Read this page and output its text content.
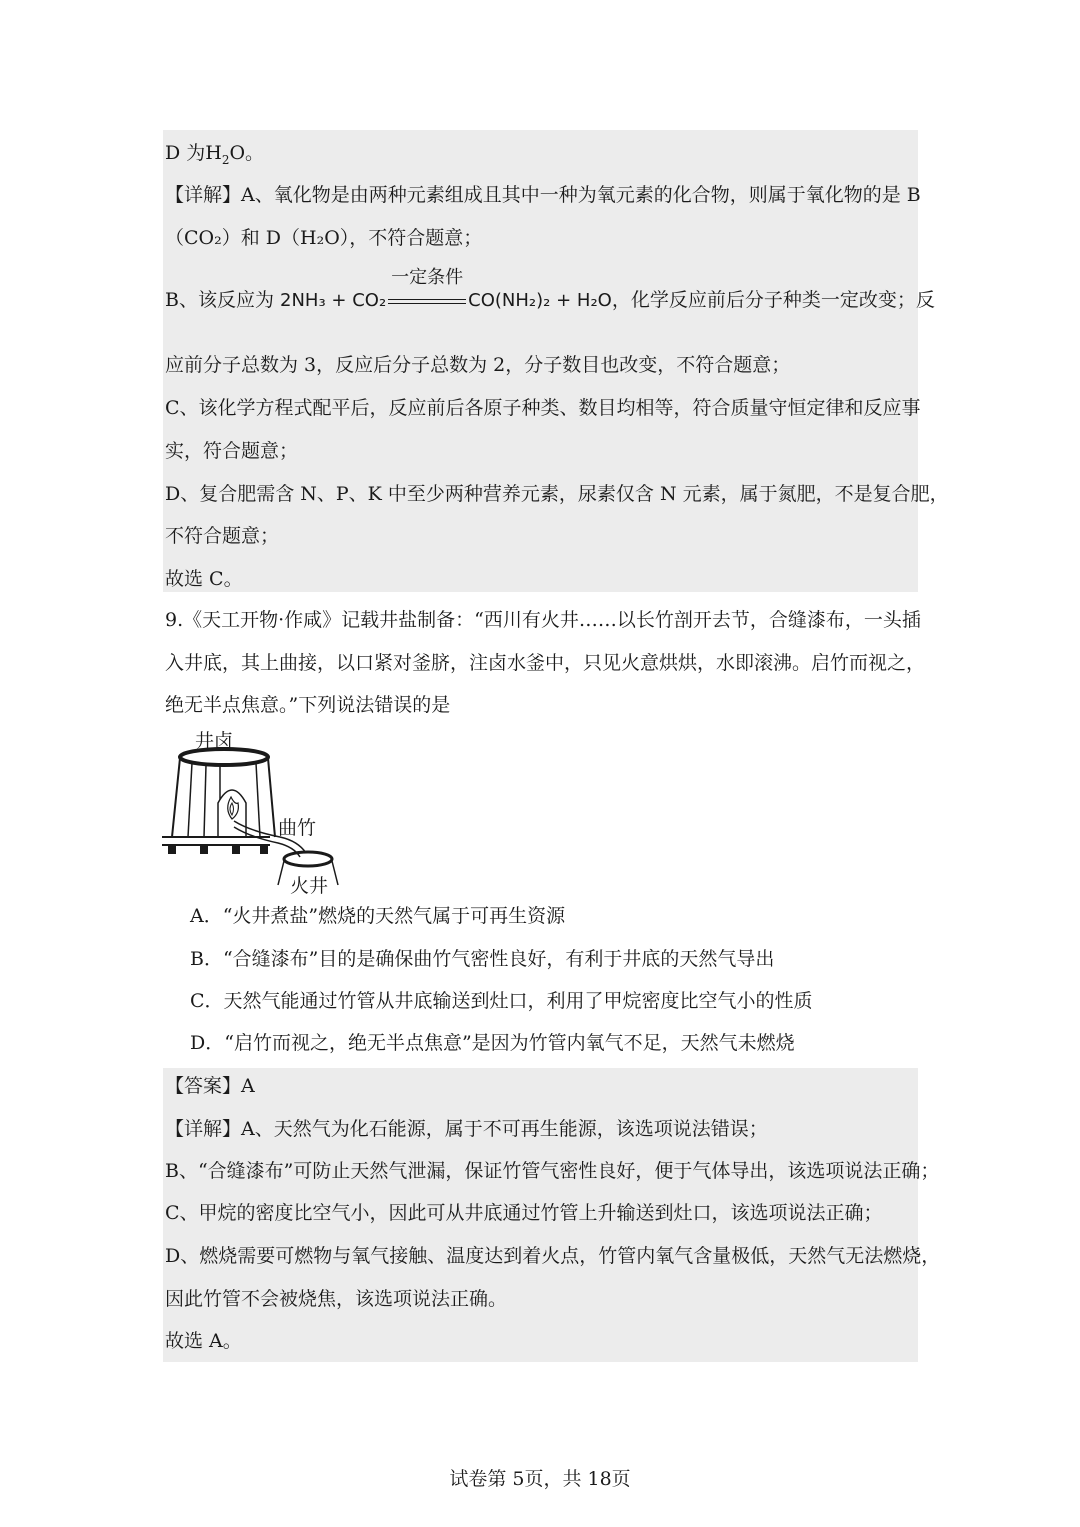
D 为$H_2O$。
【详解】A、氧化物是由两种元素组成且其中一种为氧元素的化合物，则属于氧化物的是 B
（CO₂）和 D（H₂O），不符合题意；
B、该反应为 2NH₃ + CO₂
一定条件
CO(NH₂)₂ + H₂O，化学反应前后分子种类一定改变；反
应前分子总数为 3，反应后分子总数为 2，分子数目也改变，不符合题意；
C、该化学方程式配平后，反应前后各原子种类、数目均相等，符合质量守恒定律和反应事
实，符合题意；
D、复合肥需含 N、P、K 中至少两种营养元素，尿素仅含 N 元素，属于氮肥，不是复合肥，
不符合题意；
故选 C。
9.《天工开物·作咸》记载井盐制备：“西川有火井……以长竹剖开去节，合缝漆布，一头插
入井底，其上曲接，以口紧对釜脐，注卤水釜中，只见火意烘烘，水即滚沸。启竹而视之，
绝无半点焦意。”下列说法错误的是
井卤
曲竹
火井
A．“火井煮盐”燃烧的天然气属于可再生资源
B．“合缝漆布”目的是确保曲竹气密性良好，有利于井底的天然气导出
C．天然气能通过竹管从井底输送到灶口，利用了甲烷密度比空气小的性质
D．“启竹而视之，绝无半点焦意”是因为竹管内氧气不足，天然气未燃烧
【答案】A
【详解】A、天然气为化石能源，属于不可再生能源，该选项说法错误；
B、“合缝漆布”可防止天然气泄漏，保证竹管气密性良好，便于气体导出，该选项说法正确；
C、甲烷的密度比空气小，因此可从井底通过竹管上升输送到灶口，该选项说法正确；
D、燃烧需要可燃物与氧气接触、温度达到着火点，竹管内氧气含量极低，天然气无法燃烧，
因此竹管不会被烧焦，该选项说法正确。
故选 A。
试卷第 5页，共 18页
